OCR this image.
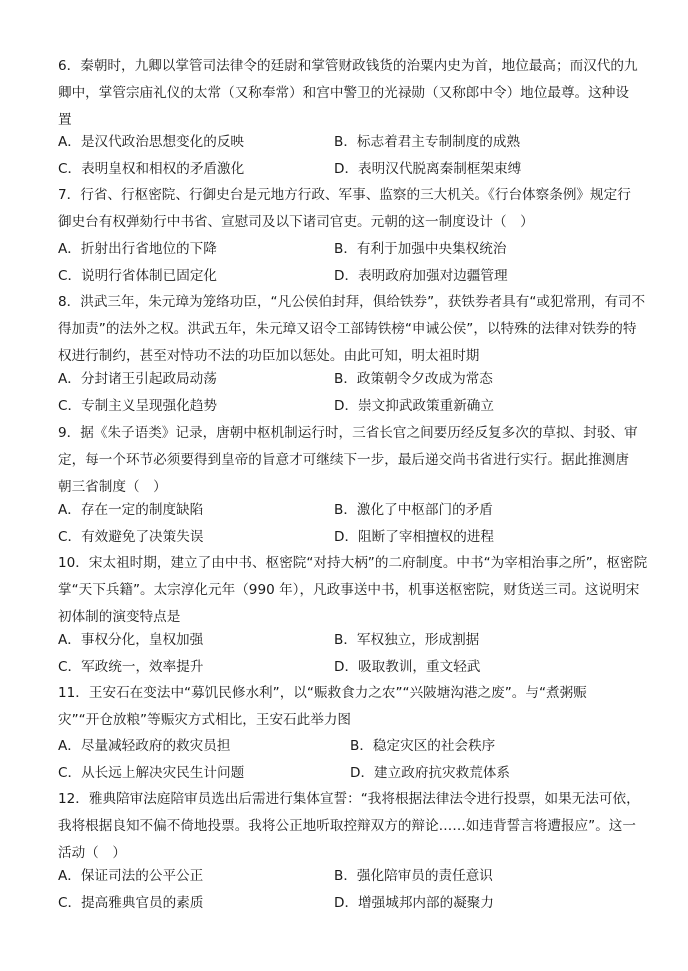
6．秦朝时，九卿以掌管司法律令的廷尉和掌管财政钱货的治粟内史为首，地位最高；而汉代的九
卿中，掌管宗庙礼仪的太常（又称奉常）和宫中警卫的光禄勋（又称郎中令）地位最尊。这种设
置
A．是汉代政治思想变化的反映	B．标志着君主专制制度的成熟
C．表明皇权和相权的矛盾激化	D．表明汉代脱离秦制框架束缚
7．行省、行枢密院、行御史台是元地方行政、军事、监察的三大机关。《行台体察条例》规定行
御史台有权弹劾行中书省、宣慰司及以下诸司官吏。元朝的这一制度设计（　）
A．折射出行省地位的下降	B．有利于加强中央集权统治
C．说明行省体制已固定化	D．表明政府加强对边疆管理
8．洪武三年，朱元璋为笼络功臣，“凡公侯伯封拜，俱给铁券”，获铁券者具有“或犯常刑，有司不
得加责”的法外之权。洪武五年，朱元璋又诏令工部铸铁榜“申诫公侯”，以特殊的法律对铁券的特
权进行制约，甚至对恃功不法的功臣加以惩处。由此可知，明太祖时期
A．分封诸王引起政局动荡	B．政策朝令夕改成为常态
C．专制主义呈现强化趋势	D．崇文抑武政策重新确立
9．据《朱子语类》记录，唐朝中枢机制运行时，三省长官之间要历经反复多次的草拟、封驳、审
定，每一个环节必须要得到皇帝的旨意才可继续下一步，最后递交尚书省进行实行。据此推测唐
朝三省制度（　）
A．存在一定的制度缺陷	B．激化了中枢部门的矛盾
C．有效避免了决策失误	D．阻断了宰相擅权的进程
10．宋太祖时期，建立了由中书、枢密院“对持大柄”的二府制度。中书“为宰相治事之所”，枢密院
掌“天下兵籍”。太宗淳化元年（990 年），凡政事送中书，机事送枢密院，财货送三司。这说明宋
初体制的演变特点是
A．事权分化，皇权加强	B．军权独立，形成割据
C．军政统一，效率提升	D．吸取教训，重文轻武
11．王安石在变法中“募饥民修水利”，以“赈救食力之农”“兴陂塘沟港之废”。与“煮粥赈
灾”“开仓放粮”等赈灾方式相比，王安石此举力图
A．尽量减轻政府的救灾员担	B．稳定灾区的社会秩序
C．从长远上解决灾民生计问题	D．建立政府抗灾救荒体系
12．雅典陪审法庭陪审员选出后需进行集体宣誓：“我将根据法律法令进行投票，如果无法可依，
我将根据良知不偏不倚地投票。我将公正地听取控辩双方的辩论……如违背誓言将遭报应”。这一
活动（　）
A．保证司法的公平公正	B．强化陪审员的责任意识
C．提高雅典官员的素质	D．增强城邦内部的凝聚力
